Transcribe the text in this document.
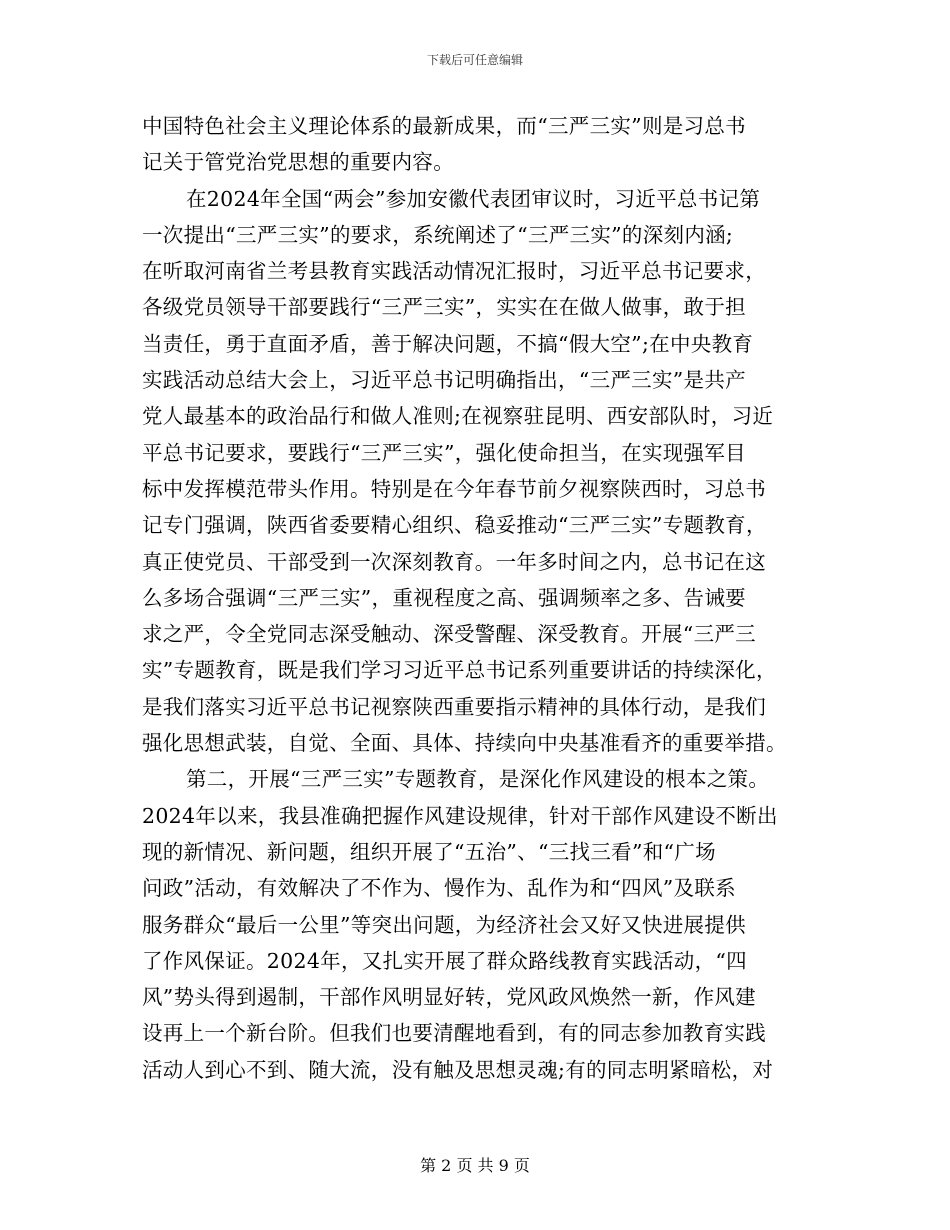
下载后可任意编辑
中国特色社会主义理论体系的最新成果，而“三严三实”则是习总书
记关于管党治党思想的重要内容。
在2024年全国“两会”参加安徽代表团审议时，习近平总书记第
一次提出“三严三实”的要求，系统阐述了“三严三实”的深刻内涵;
在听取河南省兰考县教育实践活动情况汇报时，习近平总书记要求，
各级党员领导干部要践行“三严三实”，实实在在做人做事，敢于担
当责任，勇于直面矛盾，善于解决问题，不搞“假大空”;在中央教育
实践活动总结大会上，习近平总书记明确指出，“三严三实”是共产
党人最基本的政治品行和做人准则;在视察驻昆明、西安部队时，习近
平总书记要求，要践行“三严三实”，强化使命担当，在实现强军目
标中发挥模范带头作用。特别是在今年春节前夕视察陕西时，习总书
记专门强调，陕西省委要精心组织、稳妥推动“三严三实”专题教育，
真正使党员、干部受到一次深刻教育。一年多时间之内，总书记在这
么多场合强调“三严三实”，重视程度之高、强调频率之多、告诫要
求之严，令全党同志深受触动、深受警醒、深受教育。开展“三严三
实”专题教育，既是我们学习习近平总书记系列重要讲话的持续深化，
是我们落实习近平总书记视察陕西重要指示精神的具体行动，是我们
强化思想武装，自觉、全面、具体、持续向中央基准看齐的重要举措。
第二，开展“三严三实”专题教育，是深化作风建设的根本之策。
2024年以来，我县准确把握作风建设规律，针对干部作风建设不断出
现的新情况、新问题，组织开展了“五治”、“三找三看”和“广场
问政”活动，有效解决了不作为、慢作为、乱作为和“四风”及联系
服务群众“最后一公里”等突出问题，为经济社会又好又快进展提供
了作风保证。2024年，又扎实开展了群众路线教育实践活动，“四
风”势头得到遏制，干部作风明显好转，党风政风焕然一新，作风建
设再上一个新台阶。但我们也要清醒地看到，有的同志参加教育实践
活动人到心不到、随大流，没有触及思想灵魂;有的同志明紧暗松，对
第 2 页 共 9 页
